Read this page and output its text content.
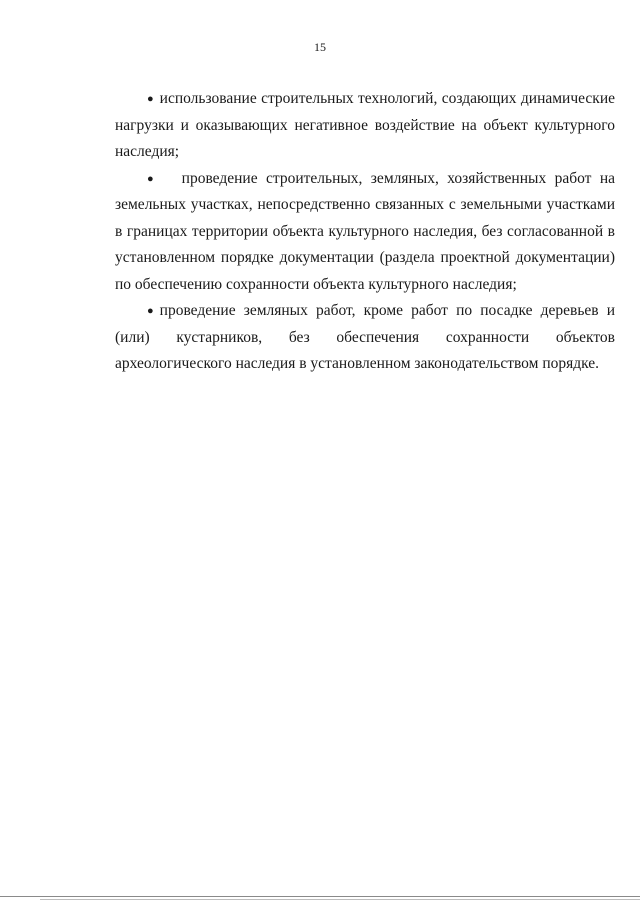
15

● использование строительных технологий, создающих динамические нагрузки и оказывающих негативное воздействие на объект культурного наследия;

● проведение строительных, земляных, хозяйственных работ на земельных участках, непосредственно связанных с земельными участками в границах территории объекта культурного наследия, без согласованной в установленном порядке документации (раздела проектной документации) по обеспечению сохранности объекта культурного наследия;

● проведение земляных работ, кроме работ по посадке деревьев и (или) кустарников, без обеспечения сохранности объектов археологического наследия в установленном законодательством порядке.
